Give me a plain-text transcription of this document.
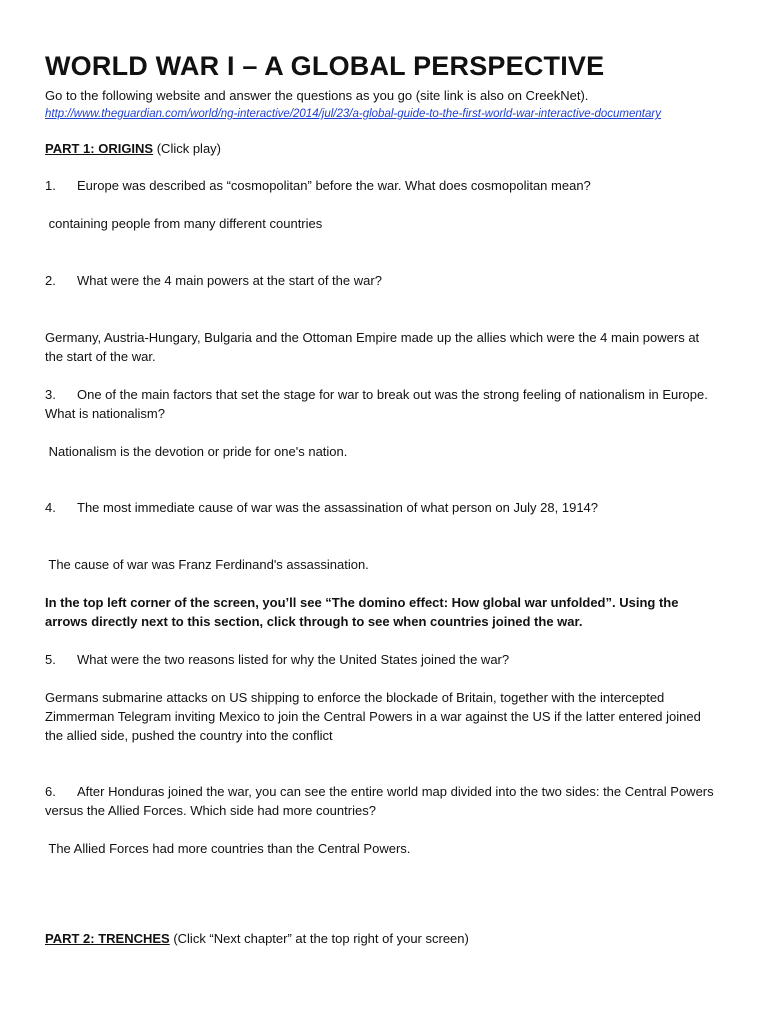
WORLD WAR I – A GLOBAL PERSPECTIVE

Go to the following website and answer the questions as you go (site link is also on CreekNet).

http://www.theguardian.com/world/ng-interactive/2014/jul/23/a-global-guide-to-the-first-world-war-interactive-documentary

PART 1: ORIGINS (Click play)

1. Europe was described as “cosmopolitan” before the war. What does cosmopolitan mean?

containing people from many different countries

2. What were the 4 main powers at the start of the war?

Germany, Austria-Hungary, Bulgaria and the Ottoman Empire made up the allies which were the 4 main powers at the start of the war.

3. One of the main factors that set the stage for war to break out was the strong feeling of nationalism in Europe. What is nationalism?

Nationalism is the devotion or pride for one's nation.

4. The most immediate cause of war was the assassination of what person on July 28, 1914?

The cause of war was Franz Ferdinand's assassination.

In the top left corner of the screen, you’ll see “The domino effect: How global war unfolded”. Using the arrows directly next to this section, click through to see when countries joined the war.

5. What were the two reasons listed for why the United States joined the war?

Germans submarine attacks on US shipping to enforce the blockade of Britain, together with the intercepted Zimmerman Telegram inviting Mexico to join the Central Powers in a war against the US if the latter entered joined the allied side, pushed the country into the conflict

6. After Honduras joined the war, you can see the entire world map divided into the two sides: the Central Powers versus the Allied Forces. Which side had more countries?

The Allied Forces had more countries than the Central Powers.

PART 2: TRENCHES (Click “Next chapter” at the top right of your screen)
